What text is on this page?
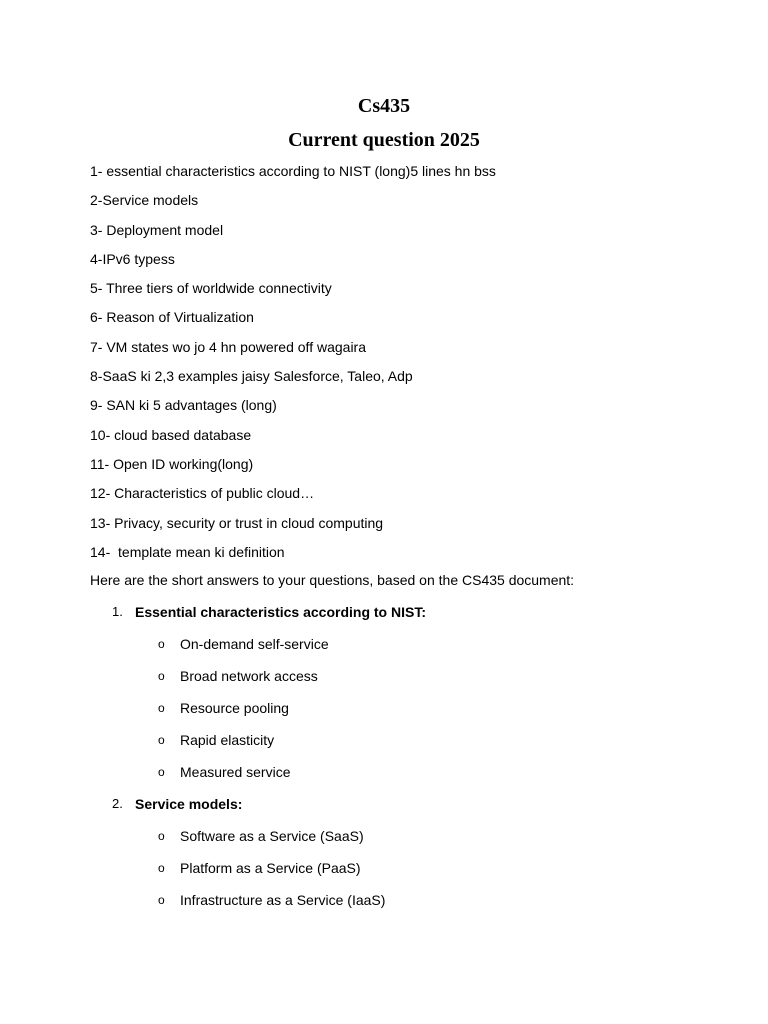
Cs435
Current question 2025
1- essential characteristics according to NIST (long)5 lines hn bss
2-Service models
3- Deployment model
4-IPv6 typess
5- Three tiers of worldwide connectivity
6- Reason of Virtualization
7- VM states wo jo 4 hn powered off wagaira
8-SaaS ki 2,3 examples jaisy Salesforce, Taleo, Adp
9- SAN ki 5 advantages (long)
10- cloud based database
11- Open ID working(long)
12- Characteristics of public cloud…
13- Privacy, security or trust in cloud computing
14-  template mean ki definition
Here are the short answers to your questions, based on the CS435 document:
1. Essential characteristics according to NIST:
o On-demand self-service
o Broad network access
o Resource pooling
o Rapid elasticity
o Measured service
2. Service models:
o Software as a Service (SaaS)
o Platform as a Service (PaaS)
o Infrastructure as a Service (IaaS)
